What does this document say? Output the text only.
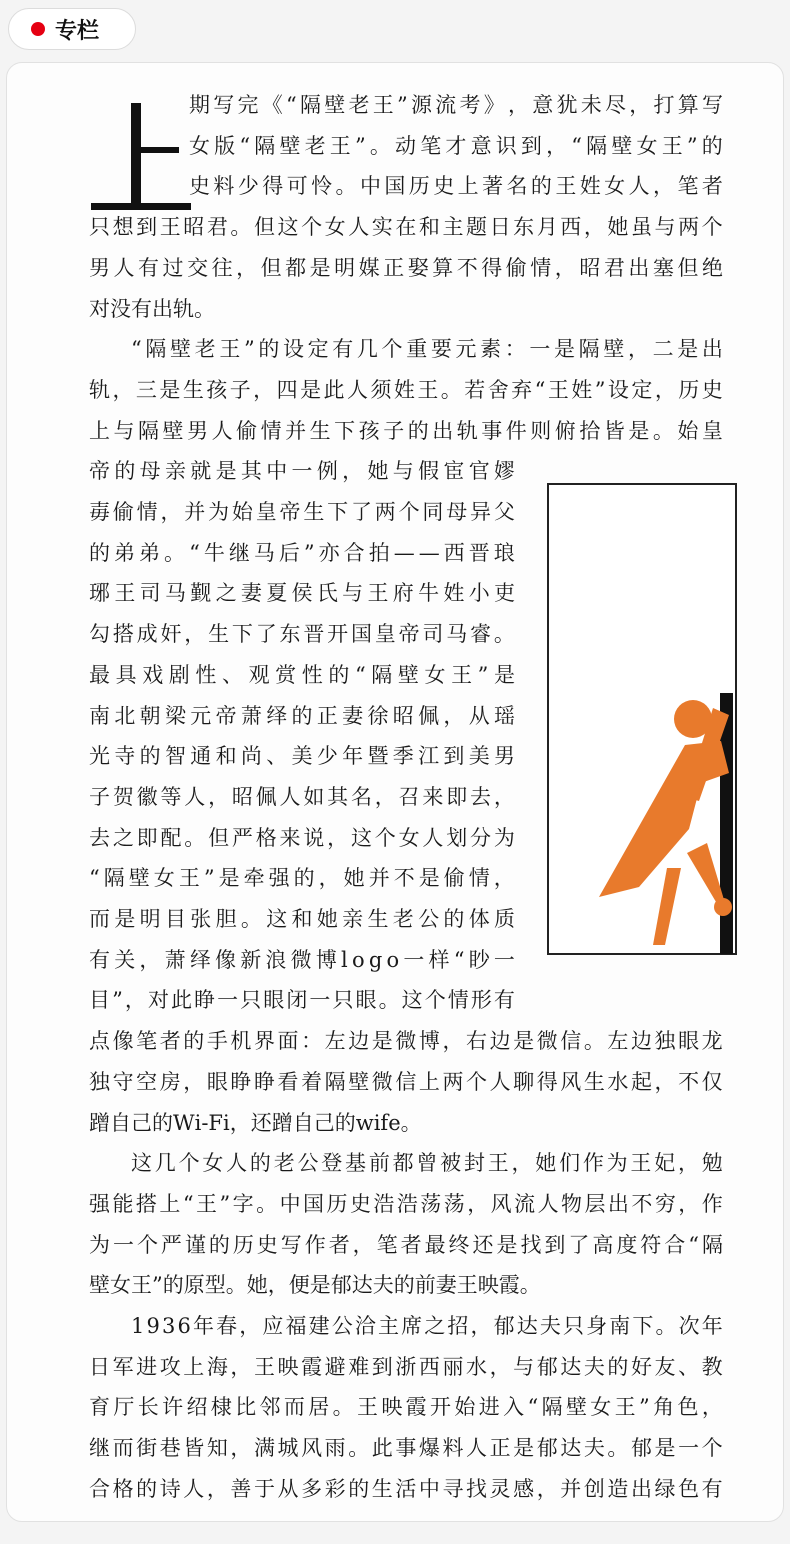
专栏
上
期 写 完 《 “ 隔 壁 老 王 ” 源 流 考 》 ， 意 犹 未 尽 ， 打 算 写
女 版 “ 隔 壁 老 王 ” 。 动 笔 才 意 识 到 ， “ 隔 壁 女 王 ” 的
史 料 少 得 可 怜 。 中 国 历 史 上 著 名 的 王 姓 女 人 ， 笔 者
只 想 到 王 昭 君 。 但 这 个 女 人 实 在 和 主 题 日 东 月 西 ， 她 虽 与 两 个
男 人 有 过 交 往 ， 但 都 是 明 媒 正 娶 算 不 得 偷 情 ， 昭 君 出 塞 但 绝
对 没 有 出 轨 。
“ 隔 壁 老 王 ” 的 设 定 有 几 个 重 要 元 素 ： 一 是 隔 壁 ， 二 是 出
轨 ， 三 是 生 孩 子 ， 四 是 此 人 须 姓 王 。 若 舍 弃 “ 王 姓 ” 设 定 ， 历 史
上 与 隔 壁 男 人 偷 情 并 生 下 孩 子 的 出 轨 事 件 则 俯 拾 皆 是 。 始 皇
帝 的 母 亲 就 是 其 中 一 例 ， 她 与 假 宦 官 嫪
毐 偷 情 ， 并 为 始 皇 帝 生 下 了 两 个 同 母 异 父
的 弟 弟 。 “ 牛 继 马 后 ” 亦 合 拍 — — 西 晋 琅
琊 王 司 马 觐 之 妻 夏 侯 氏 与 王 府 牛 姓 小 吏
勾 搭 成 奸 ， 生 下 了 东 晋 开 国 皇 帝 司 马 睿 。
最 具 戏 剧 性 、 观 赏 性 的 “ 隔 壁 女 王 ” 是
南 北 朝 梁 元 帝 萧 绎 的 正 妻 徐 昭 佩 ， 从 瑶
光 寺 的 智 通 和 尚 、 美 少 年 暨 季 江 到 美 男
子 贺 徽 等 人 ， 昭 佩 人 如 其 名 ， 召 来 即 去 ，
去 之 即 配 。 但 严 格 来 说 ， 这 个 女 人 划 分 为
“ 隔 壁 女 王 ” 是 牵 强 的 ， 她 并 不 是 偷 情 ，
而 是 明 目 张 胆 。 这 和 她 亲 生 老 公 的 体 质
有 关 ， 萧 绎 像 新 浪 微 博 l o g o 一 样 “ 眇 一
目 ” ， 对 此 睁 一 只 眼 闭 一 只 眼 。 这 个 情 形 有
点 像 笔 者 的 手 机 界 面 ： 左 边 是 微 博 ， 右 边 是 微 信 。 左 边 独 眼 龙
独 守 空 房 ， 眼 睁 睁 看 着 隔 壁 微 信 上 两 个 人 聊 得 风 生 水 起 ， 不 仅
蹭 自 己 的 W i - F i ， 还 蹭 自 己 的 w i f e 。
这 几 个 女 人 的 老 公 登 基 前 都 曾 被 封 王 ， 她 们 作 为 王 妃 ， 勉
强 能 搭 上 “ 王 ” 字 。 中 国 历 史 浩 浩 荡 荡 ， 风 流 人 物 层 出 不 穷 ， 作
为 一 个 严 谨 的 历 史 写 作 者 ， 笔 者 最 终 还 是 找 到 了 高 度 符 合 “ 隔
壁 女 王 ” 的 原 型 。 她 ， 便 是 郁 达 夫 的 前 妻 王 映 霞 。
1 9 3 6 年 春 ， 应 福 建 公 洽 主 席 之 招 ， 郁 达 夫 只 身 南 下 。 次 年
日 军 进 攻 上 海 ， 王 映 霞 避 难 到 浙 西 丽 水 ， 与 郁 达 夫 的 好 友 、 教
育 厅 长 许 绍 棣 比 邻 而 居 。 王 映 霞 开 始 进 入 “ 隔 壁 女 王 ” 角 色 ，
继 而 街 巷 皆 知 ， 满 城 风 雨 。 此 事 爆 料 人 正 是 郁 达 夫 。 郁 是 一 个
合 格 的 诗 人 ， 善 于 从 多 彩 的 生 活 中 寻 找 灵 感 ， 并 创 造 出 绿 色 有
